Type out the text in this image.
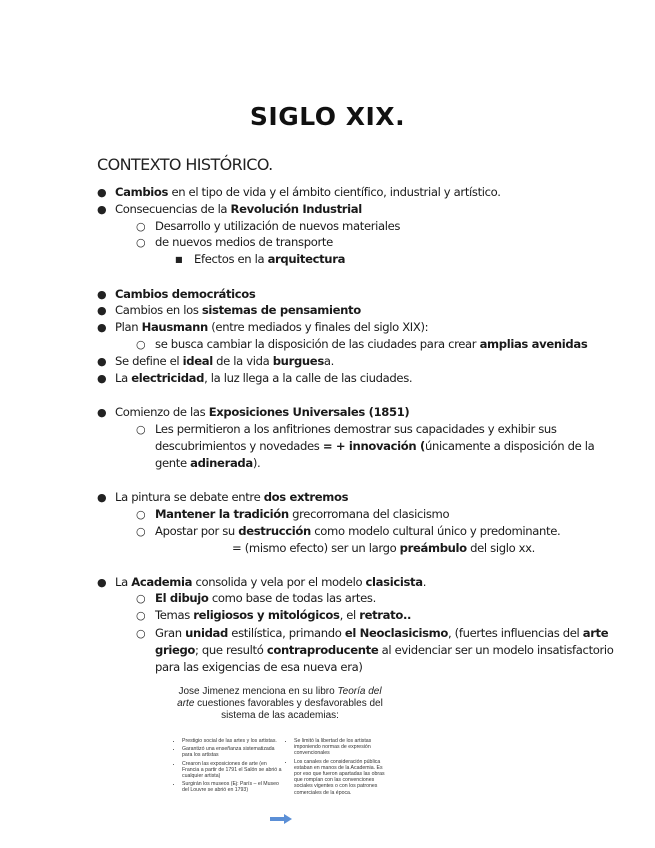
SIGLO XIX.
CONTEXTO HISTÓRICO.
● Cambios en el tipo de vida y el ámbito científico, industrial y artístico.
● Consecuencias de la Revolución Industrial
○ Desarrollo y utilización de nuevos materiales
○ de nuevos medios de transporte
■ Efectos en la arquitectura
● Cambios democráticos
● Cambios en los sistemas de pensamiento
● Plan Hausmann (entre mediados y finales del siglo XIX):
○ se busca cambiar la disposición de las ciudades para crear amplias avenidas
● Se define el ideal de la vida burguesa.
● La electricidad, la luz llega a la calle de las ciudades.
● Comienzo de las Exposiciones Universales (1851)
○ Les permitieron a los anfitriones demostrar sus capacidades y exhibir sus
descubrimientos y novedades = + innovación (únicamente a disposición de la
gente adinerada).
● La pintura se debate entre dos extremos
○ Mantener la tradición grecorromana del clasicismo
○ Apostar por su destrucción como modelo cultural único y predominante.
= (mismo efecto) ser un largo preámbulo del siglo xx.
● La Academia consolida y vela por el modelo clasicista.
○ El dibujo como base de todas las artes.
○ Temas religiosos y mitológicos, el retrato..
○ Gran unidad estilística, primando el Neoclasicismo, (fuertes influencias del arte
griego; que resultó contraproducente al evidenciar ser un modelo insatisfactorio
para las exigencias de esa nueva era)
Jose Jimenez menciona en su libro Teoría del arte cuestiones favorables y desfavorables del sistema de las academias:
• Prestigio social de las artes y los artistas.
• Garantizó una enseñanza sistematizada para los artistas
• Crearon las exposiciones de arte (en Francia a partir de 1791 el Salón se abrió a cualquier artista)
• Surgirán los museos (Ej: París – el Museo del Louvre se abrió en 1793)
• Se limitó la libertad de los artistas imponiendo normas de expresión convencionales
• Los canales de consideración pública estaban en manos de la Academia. Es por eso que fueron apartadas las obras que rompían con las convenciones sociales vigentes o con los patrones comerciales de la época.
